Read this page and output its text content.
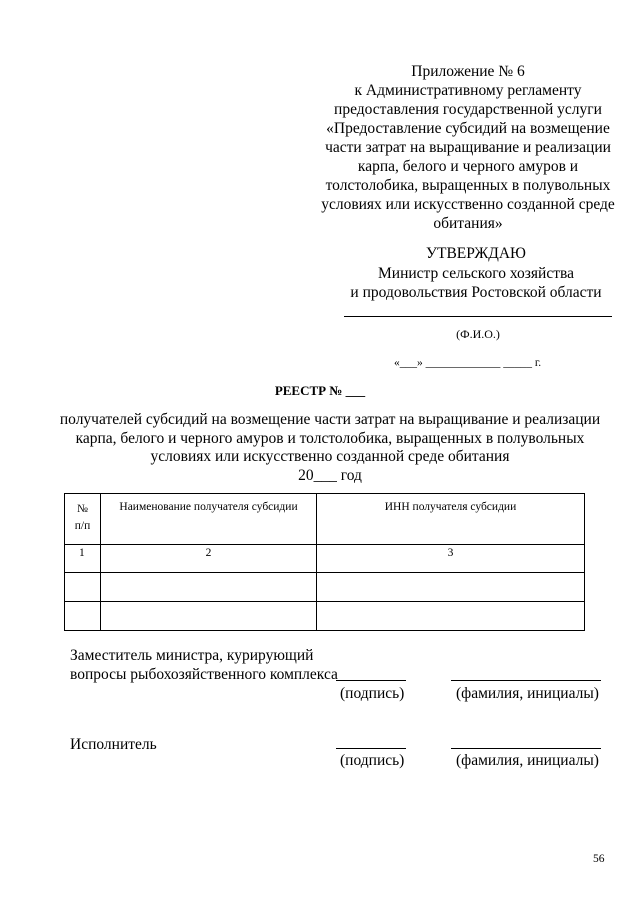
Приложение № 6
к Административному регламенту
предоставления государственной услуги
«Предоставление субсидий на возмещение
части затрат на выращивание и реализации
карпа, белого и черного амуров и
толстолобика, выращенных в полувольных
условиях или искусственно созданной среде
обитания»
УТВЕРЖДАЮ
Министр сельского хозяйства
и продовольствия Ростовской области
(Ф.И.О.)
«___» _____________ _____ г.
РЕЕСТР № ___
получателей субсидий на возмещение части затрат на выращивание и реализации
карпа, белого и черного амуров и толстолобика, выращенных в полувольных
условиях или искусственно созданной среде обитания
20___ год
№ п/п	Наименование получателя субсидии	ИНН получателя субсидии
1	2	3

Заместитель министра, курирующий
вопросы рыбохозяйственного комплекса
(подпись)	(фамилия, инициалы)
Исполнитель
(подпись)	(фамилия, инициалы)
56
